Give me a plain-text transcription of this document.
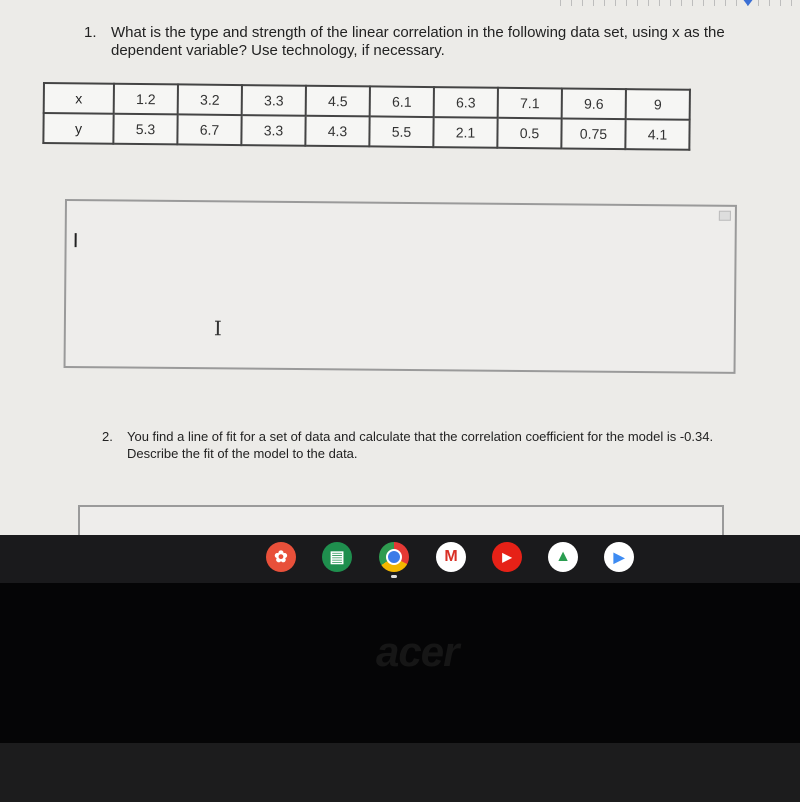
1. What is the type and strength of the linear correlation in the following data set, using x as the dependent variable? Use technology, if necessary.
x	1.2	3.2	3.3	4.5	6.1	6.3	7.1	9.6	9
y	5.3	6.7	3.3	4.3	5.5	2.1	0.5	0.75	4.1
I
2. You find a line of fit for a set of data and calculate that the correlation coefficient for the model is -0.34. Describe the fit of the model to the data.
✿	▤	M	▶	▲	▶
acer
